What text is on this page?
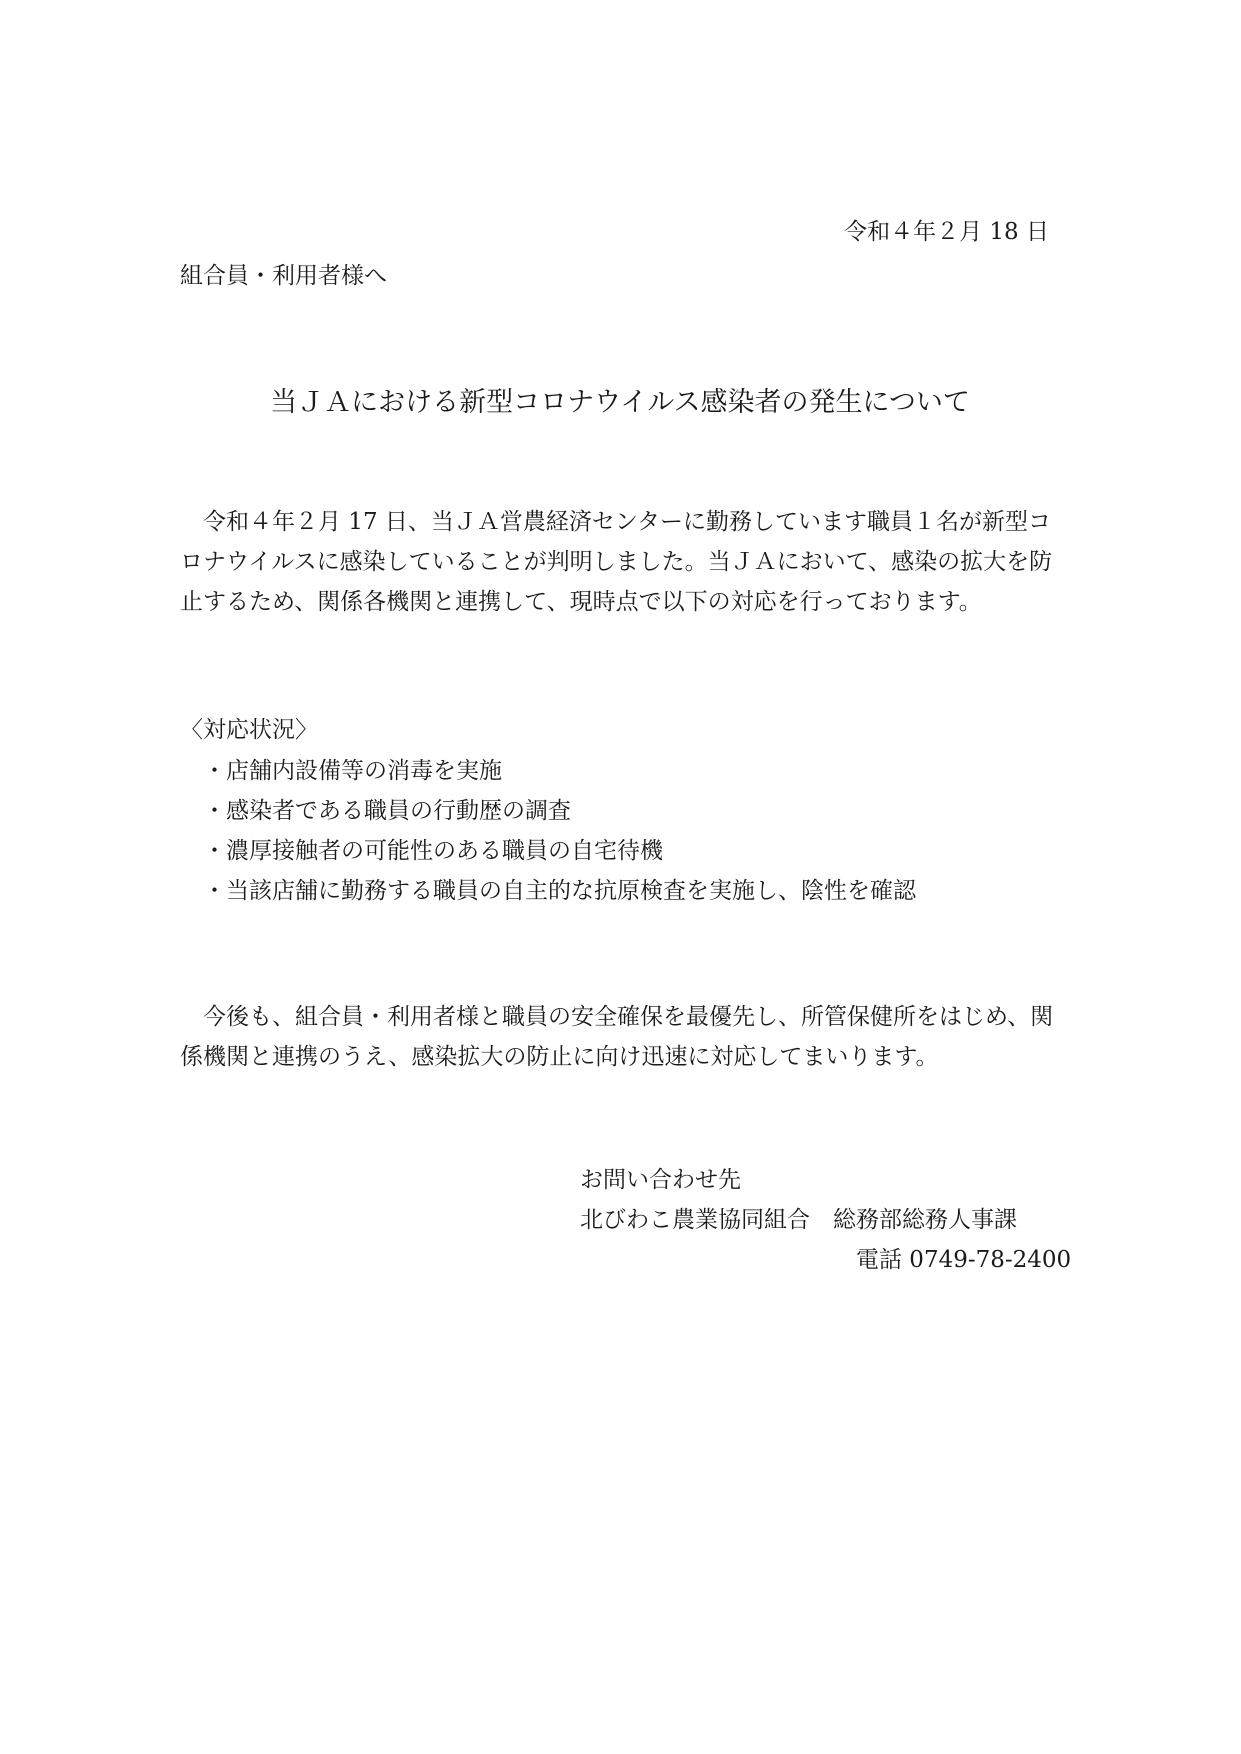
令和４年２月 18 日
組合員・利用者様へ
当ＪＡにおける新型コロナウイルス感染者の発生について
令和４年２月 17 日、当ＪＡ営農経済センターに勤務しています職員１名が新型コロナウイルスに感染していることが判明しました。当ＪＡにおいて、感染の拡大を防止するため、関係各機関と連携して、現時点で以下の対応を行っております。
〈対応状況〉
・店舗内設備等の消毒を実施
・感染者である職員の行動歴の調査
・濃厚接触者の可能性のある職員の自宅待機
・当該店舗に勤務する職員の自主的な抗原検査を実施し、陰性を確認
今後も、組合員・利用者様と職員の安全確保を最優先し、所管保健所をはじめ、関係機関と連携のうえ、感染拡大の防止に向け迅速に対応してまいります。
お問い合わせ先
北びわこ農業協同組合　総務部総務人事課
電話 0749-78-2400
